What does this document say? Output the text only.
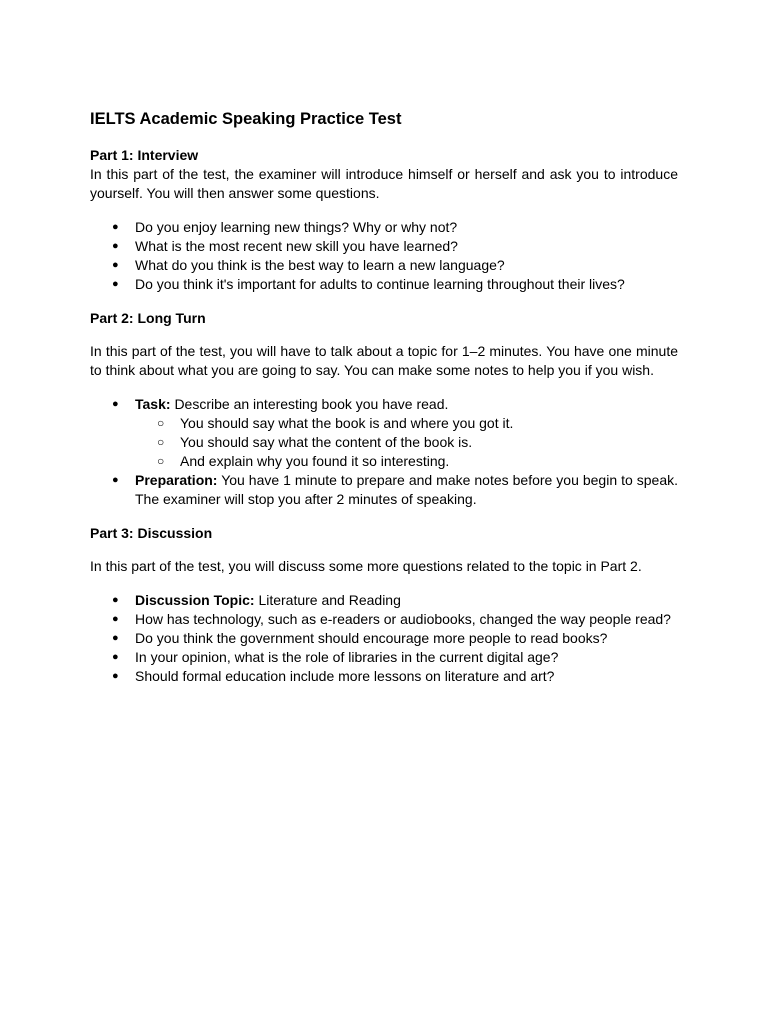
IELTS Academic Speaking Practice Test
Part 1: Interview

In this part of the test, the examiner will introduce himself or herself and ask you to introduce yourself. You will then answer some questions.

● Do you enjoy learning new things? Why or why not?
● What is the most recent new skill you have learned?
● What do you think is the best way to learn a new language?
● Do you think it's important for adults to continue learning throughout their lives?
Part 2: Long Turn

In this part of the test, you will have to talk about a topic for 1–2 minutes. You have one minute to think about what you are going to say. You can make some notes to help you if you wish.

● Task: Describe an interesting book you have read.
○ You should say what the book is and where you got it.
○ You should say what the content of the book is.
○ And explain why you found it so interesting.
● Preparation: You have 1 minute to prepare and make notes before you begin to speak. The examiner will stop you after 2 minutes of speaking.
Part 3: Discussion

In this part of the test, you will discuss some more questions related to the topic in Part 2.

● Discussion Topic: Literature and Reading
● How has technology, such as e-readers or audiobooks, changed the way people read?
● Do you think the government should encourage more people to read books?
● In your opinion, what is the role of libraries in the current digital age?
● Should formal education include more lessons on literature and art?
